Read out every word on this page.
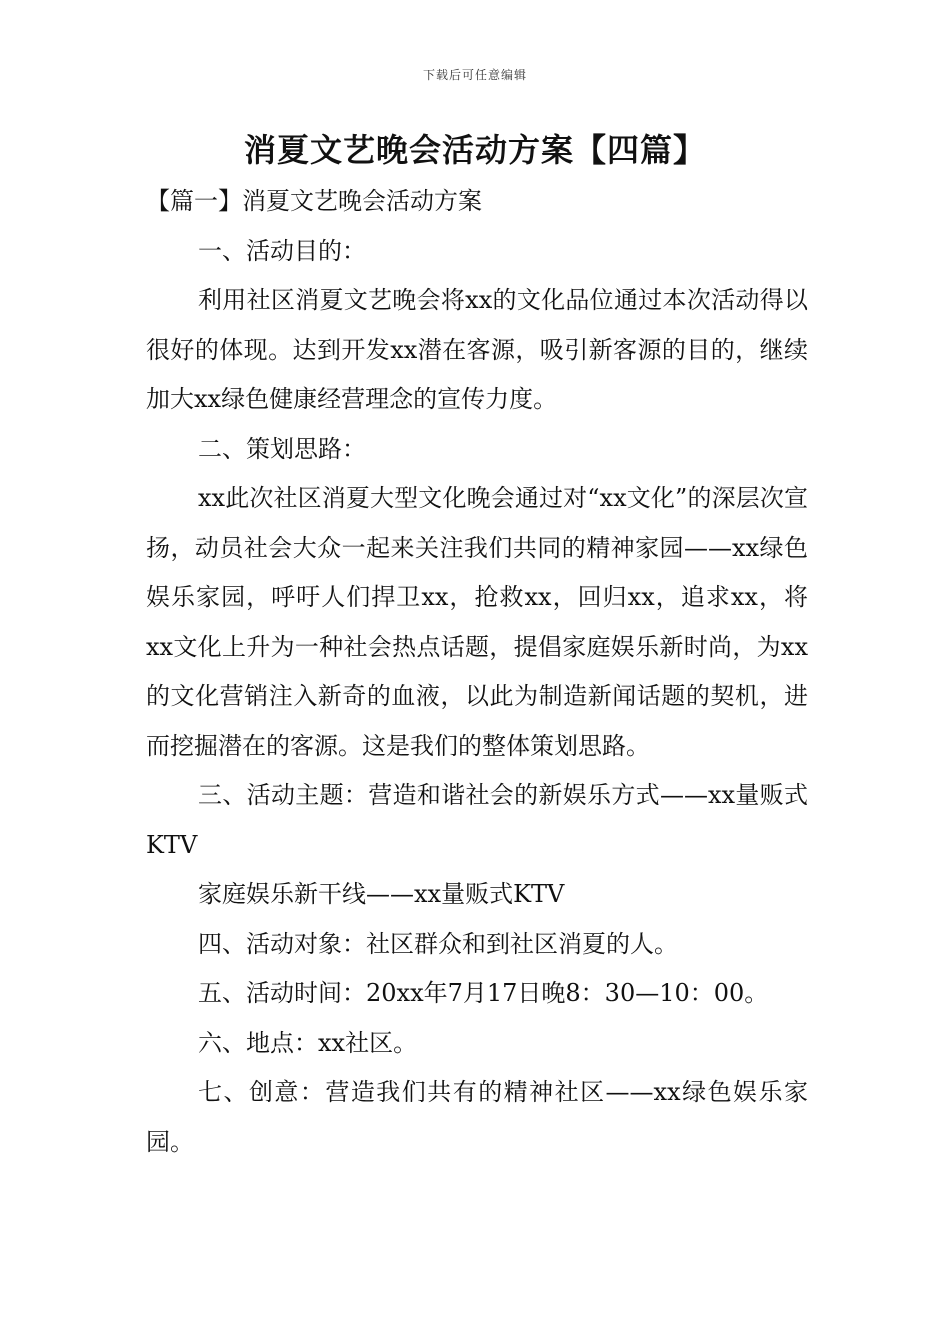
下载后可任意编辑
消夏文艺晚会活动方案【四篇】

【篇一】消夏文艺晚会活动方案

一、活动目的：

利用社区消夏文艺晚会将xx的文化品位通过本次活动得以很好的体现。达到开发xx潜在客源，吸引新客源的目的，继续加大xx绿色健康经营理念的宣传力度。

二、策划思路：

xx此次社区消夏大型文化晚会通过对“xx文化”的深层次宣扬，动员社会大众一起来关注我们共同的精神家园——xx绿色娱乐家园，呼吁人们捍卫xx，抢救xx，回归xx，追求xx，将xx文化上升为一种社会热点话题，提倡家庭娱乐新时尚，为xx的文化营销注入新奇的血液，以此为制造新闻话题的契机，进而挖掘潜在的客源。这是我们的整体策划思路。

三、活动主题：营造和谐社会的新娱乐方式——xx量贩式KTV

家庭娱乐新干线——xx量贩式KTV

四、活动对象：社区群众和到社区消夏的人。

五、活动时间：20xx年7月17日晚8：30—10：00。

六、地点：xx社区。

七、创意：营造我们共有的精神社区——xx绿色娱乐家园。
